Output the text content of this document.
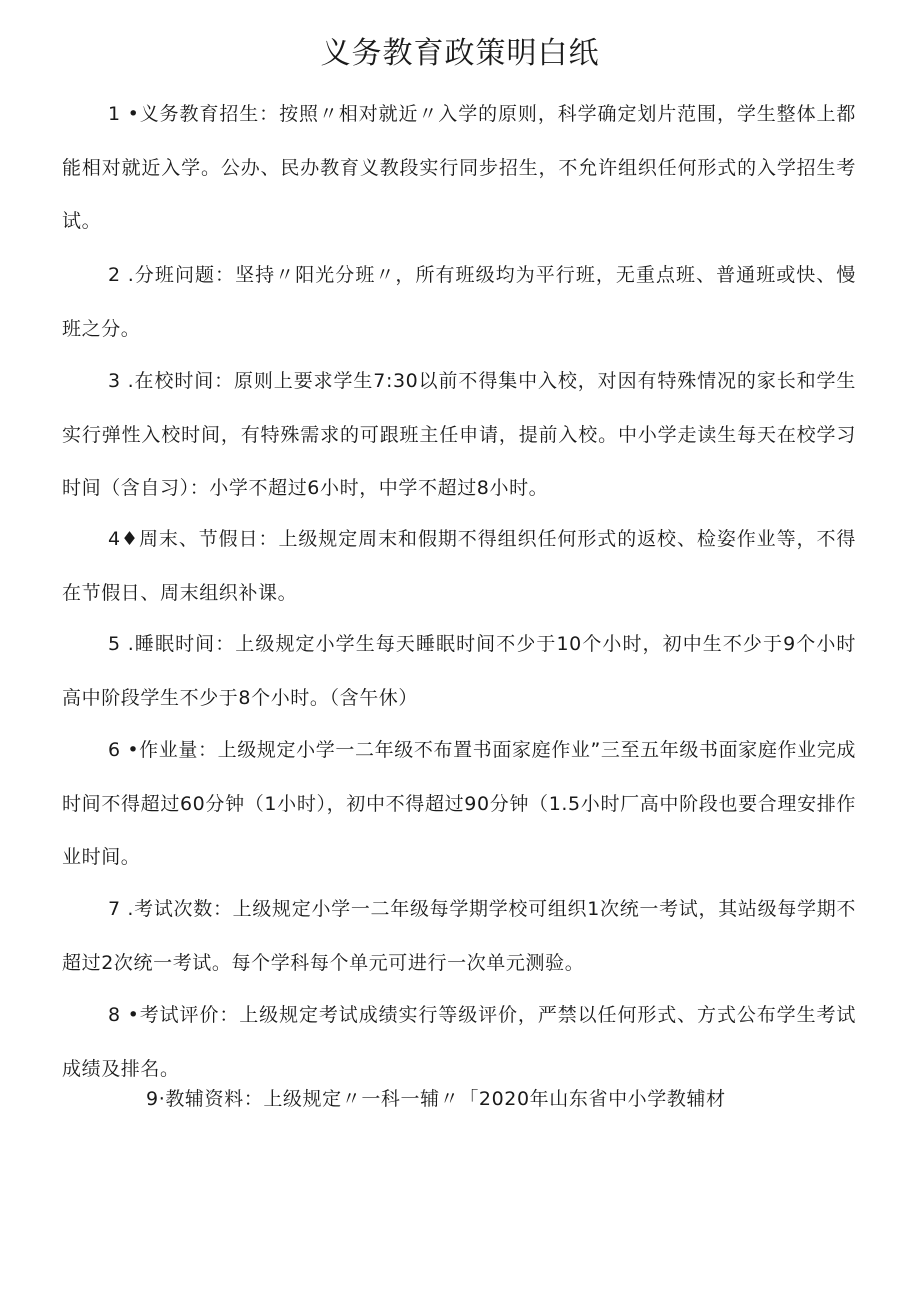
义务教育政策明白纸

1 •义务教育招生：按照〃相对就近〃入学的原则，科学确定划片范围，学生整体上都能相对就近入学。公办、民办教育义教段实行同步招生，不允许组织任何形式的入学招生考试。

2 .分班问题：坚持〃阳光分班〃，所有班级均为平行班，无重点班、普通班或快、慢班之分。

3 .在校时间：原则上要求学生7:30以前不得集中入校，对因有特殊情况的家长和学生实行弹性入校时间，有特殊需求的可跟班主任申请，提前入校。中小学走读生每天在校学习时间（含自习）：小学不超过6小时，中学不超过8小时。

4♦周末、节假日：上级规定周末和假期不得组织任何形式的返校、检姿作业等，不得在节假日、周末组织补课。

5 .睡眠时间：上级规定小学生每天睡眠时间不少于10个小时，初中生不少于9个小时高中阶段学生不少于8个小时。（含午休）

6 •作业量：上级规定小学一二年级不布置书面家庭作业”三至五年级书面家庭作业完成时间不得超过60分钟（1小时），初中不得超过90分钟（1.5小时厂高中阶段也要合理安排作业时间。

7 .考试次数：上级规定小学一二年级每学期学校可组织1次统一考试，其站级每学期不超过2次统一考试。每个学科每个单元可进行一次单元测验。

8 •考试评价：上级规定考试成绩实行等级评价，严禁以任何形式、方式公布学生考试成绩及排名。

9·教辅资料：上级规定〃一科一辅〃「2020年山东省中小学教辅材
